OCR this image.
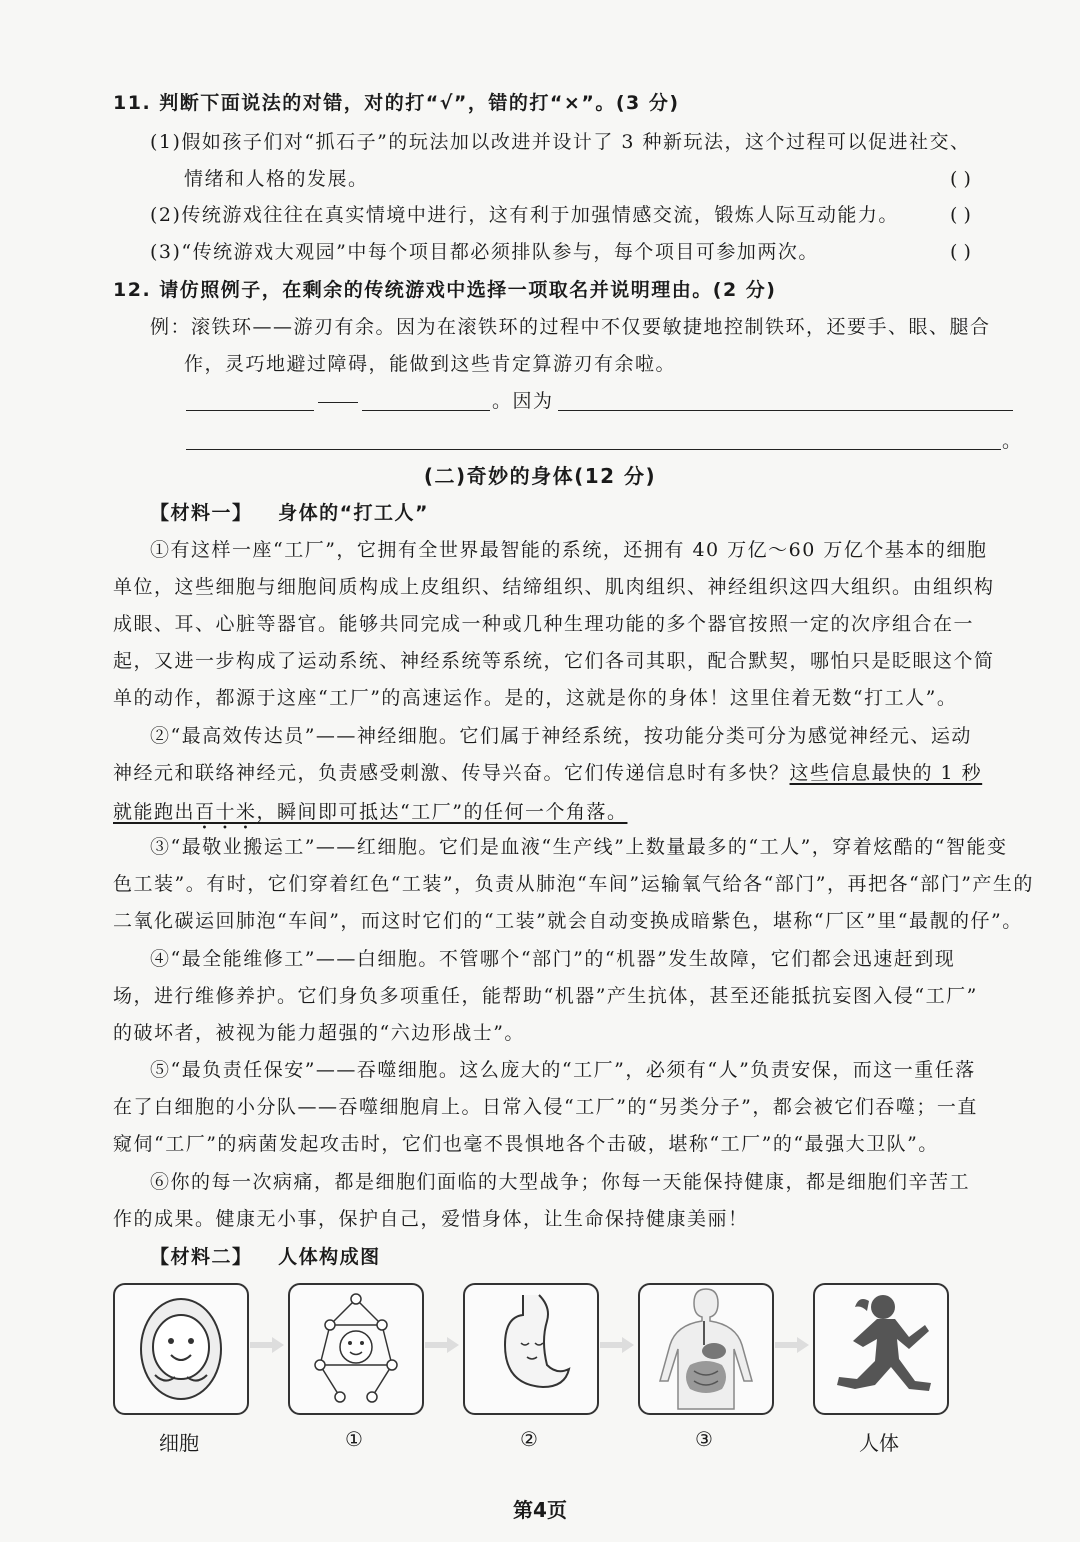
11. 判断下面说法的对错，对的打“√”，错的打“×”。(3 分)
(1)假如孩子们对“抓石子”的玩法加以改进并设计了 3 种新玩法，这个过程可以促进社交、
情绪和人格的发展。	( )
(2)传统游戏往往在真实情境中进行，这有利于加强情感交流，锻炼人际互动能力。	( )
(3)“传统游戏大观园”中每个项目都必须排队参与，每个项目可参加两次。	( )
12. 请仿照例子，在剩余的传统游戏中选择一项取名并说明理由。(2 分)
例：滚铁环——游刃有余。因为在滚铁环的过程中不仅要敏捷地控制铁环，还要手、眼、腿合
作，灵巧地避过障碍，能做到这些肯定算游刃有余啦。
。因为
。
(二)奇妙的身体(12 分)
【材料一】 身体的“打工人”
①有这样一座“工厂”，它拥有全世界最智能的系统，还拥有 40 万亿～60 万亿个基本的细胞
单位，这些细胞与细胞间质构成上皮组织、结缔组织、肌肉组织、神经组织这四大组织。由组织构
成眼、耳、心脏等器官。能够共同完成一种或几种生理功能的多个器官按照一定的次序组合在一
起，又进一步构成了运动系统、神经系统等系统，它们各司其职，配合默契，哪怕只是眨眼这个简
单的动作，都源于这座“工厂”的高速运作。是的，这就是你的身体！这里住着无数“打工人”。
②“最高效传达员”——神经细胞。它们属于神经系统，按功能分类可分为感觉神经元、运动
神经元和联络神经元，负责感受刺激、传导兴奋。它们传递信息时有多快？这些信息最快的 1 秒
就能跑出百十米，瞬间即可抵达“工厂”的任何一个角落。
③“最敬业搬运工”——红细胞。它们是血液“生产线”上数量最多的“工人”，穿着炫酷的“智能变
色工装”。有时，它们穿着红色“工装”，负责从肺泡“车间”运输氧气给各“部门”，再把各“部门”产生的
二氧化碳运回肺泡“车间”，而这时它们的“工装”就会自动变换成暗紫色，堪称“厂区”里“最靓的仔”。
④“最全能维修工”——白细胞。不管哪个“部门”的“机器”发生故障，它们都会迅速赶到现
场，进行维修养护。它们身负多项重任，能帮助“机器”产生抗体，甚至还能抵抗妄图入侵“工厂”
的破坏者，被视为能力超强的“六边形战士”。
⑤“最负责任保安”——吞噬细胞。这么庞大的“工厂”，必须有“人”负责安保，而这一重任落
在了白细胞的小分队——吞噬细胞肩上。日常入侵“工厂”的“另类分子”，都会被它们吞噬；一直
窥伺“工厂”的病菌发起攻击时，它们也毫不畏惧地各个击破，堪称“工厂”的“最强大卫队”。
⑥你的每一次病痛，都是细胞们面临的大型战争；你每一天能保持健康，都是细胞们辛苦工
作的成果。健康无小事，保护自己，爱惜身体，让生命保持健康美丽！
【材料二】 人体构成图
细胞	①	②	③	人体
第4页
